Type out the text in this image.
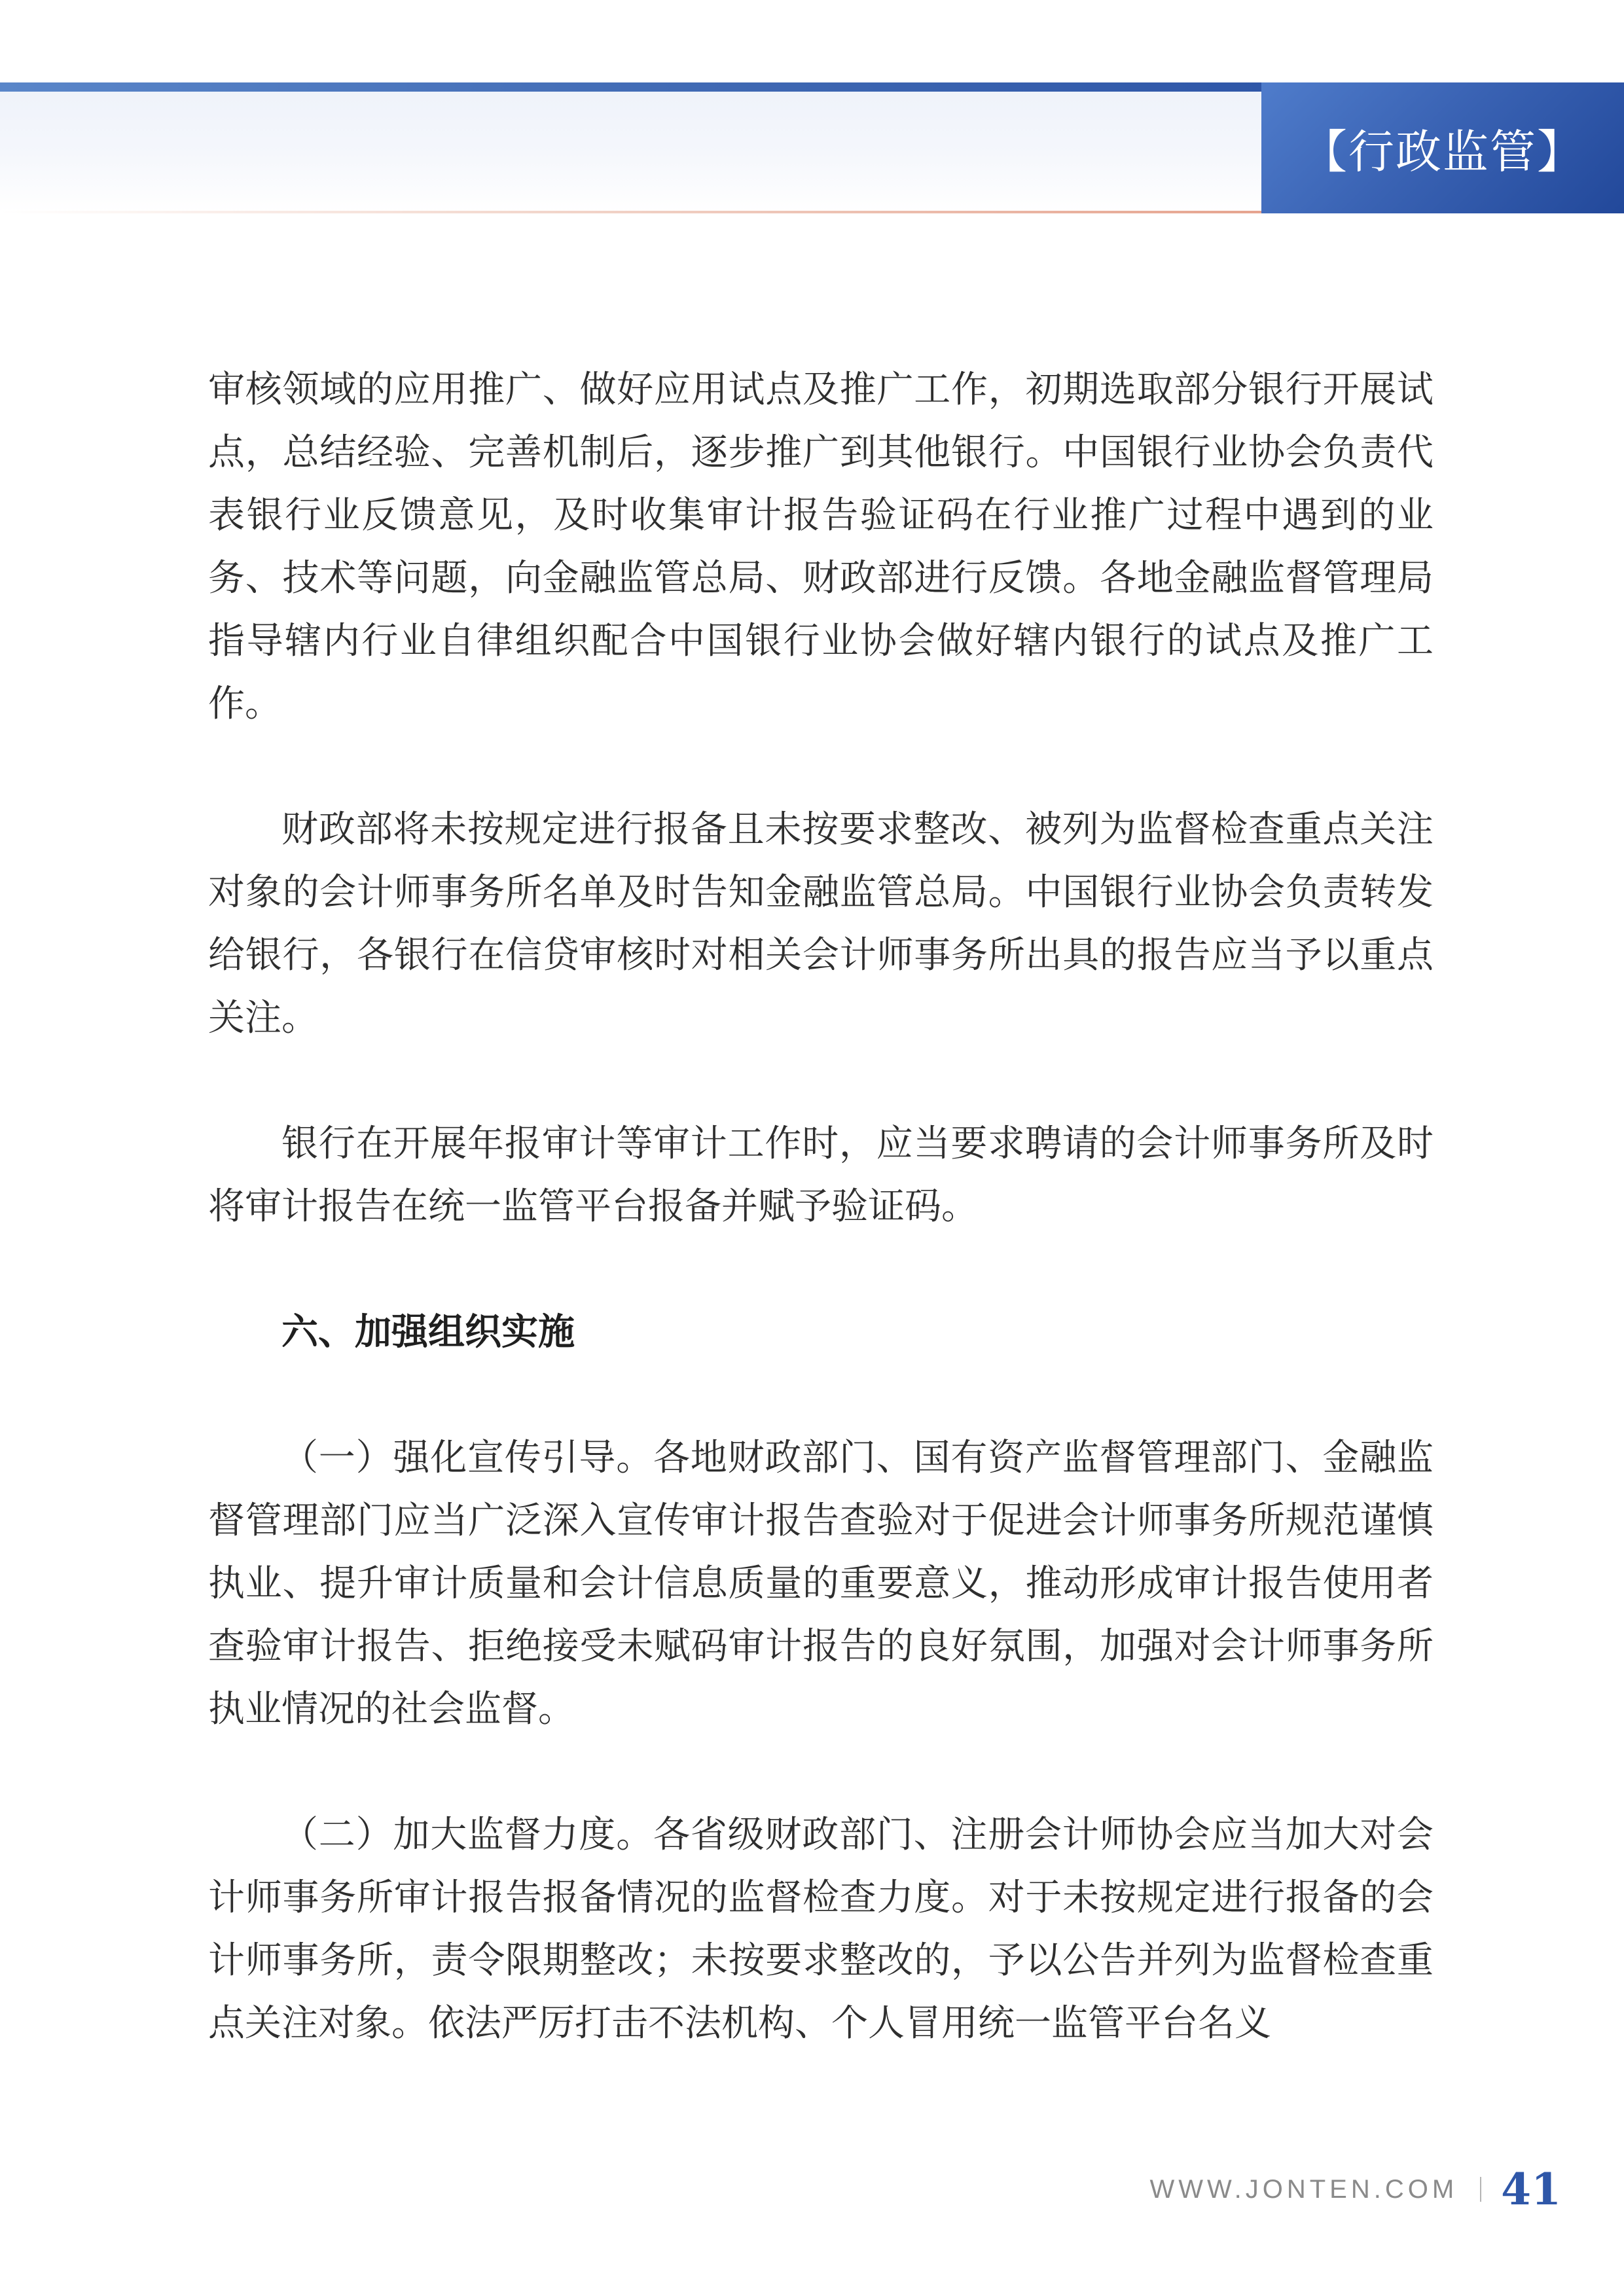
【行政监管】

审核领域的应用推广、做好应用试点及推广工作，初期选取部分银行开展试点，总结经验、完善机制后，逐步推广到其他银行。中国银行业协会负责代表银行业反馈意见，及时收集审计报告验证码在行业推广过程中遇到的业务、技术等问题，向金融监管总局、财政部进行反馈。各地金融监督管理局指导辖内行业自律组织配合中国银行业协会做好辖内银行的试点及推广工作。

财政部将未按规定进行报备且未按要求整改、被列为监督检查重点关注对象的会计师事务所名单及时告知金融监管总局。中国银行业协会负责转发给银行，各银行在信贷审核时对相关会计师事务所出具的报告应当予以重点关注。

银行在开展年报审计等审计工作时，应当要求聘请的会计师事务所及时将审计报告在统一监管平台报备并赋予验证码。

六、加强组织实施

（一）强化宣传引导。各地财政部门、国有资产监督管理部门、金融监督管理部门应当广泛深入宣传审计报告查验对于促进会计师事务所规范谨慎执业、提升审计质量和会计信息质量的重要意义，推动形成审计报告使用者查验审计报告、拒绝接受未赋码审计报告的良好氛围，加强对会计师事务所执业情况的社会监督。

（二）加大监督力度。各省级财政部门、注册会计师协会应当加大对会计师事务所审计报告报备情况的监督检查力度。对于未按规定进行报备的会计师事务所，责令限期整改；未按要求整改的，予以公告并列为监督检查重点关注对象。依法严厉打击不法机构、个人冒用统一监管平台名义

WWW.JONTEN.COM 41
